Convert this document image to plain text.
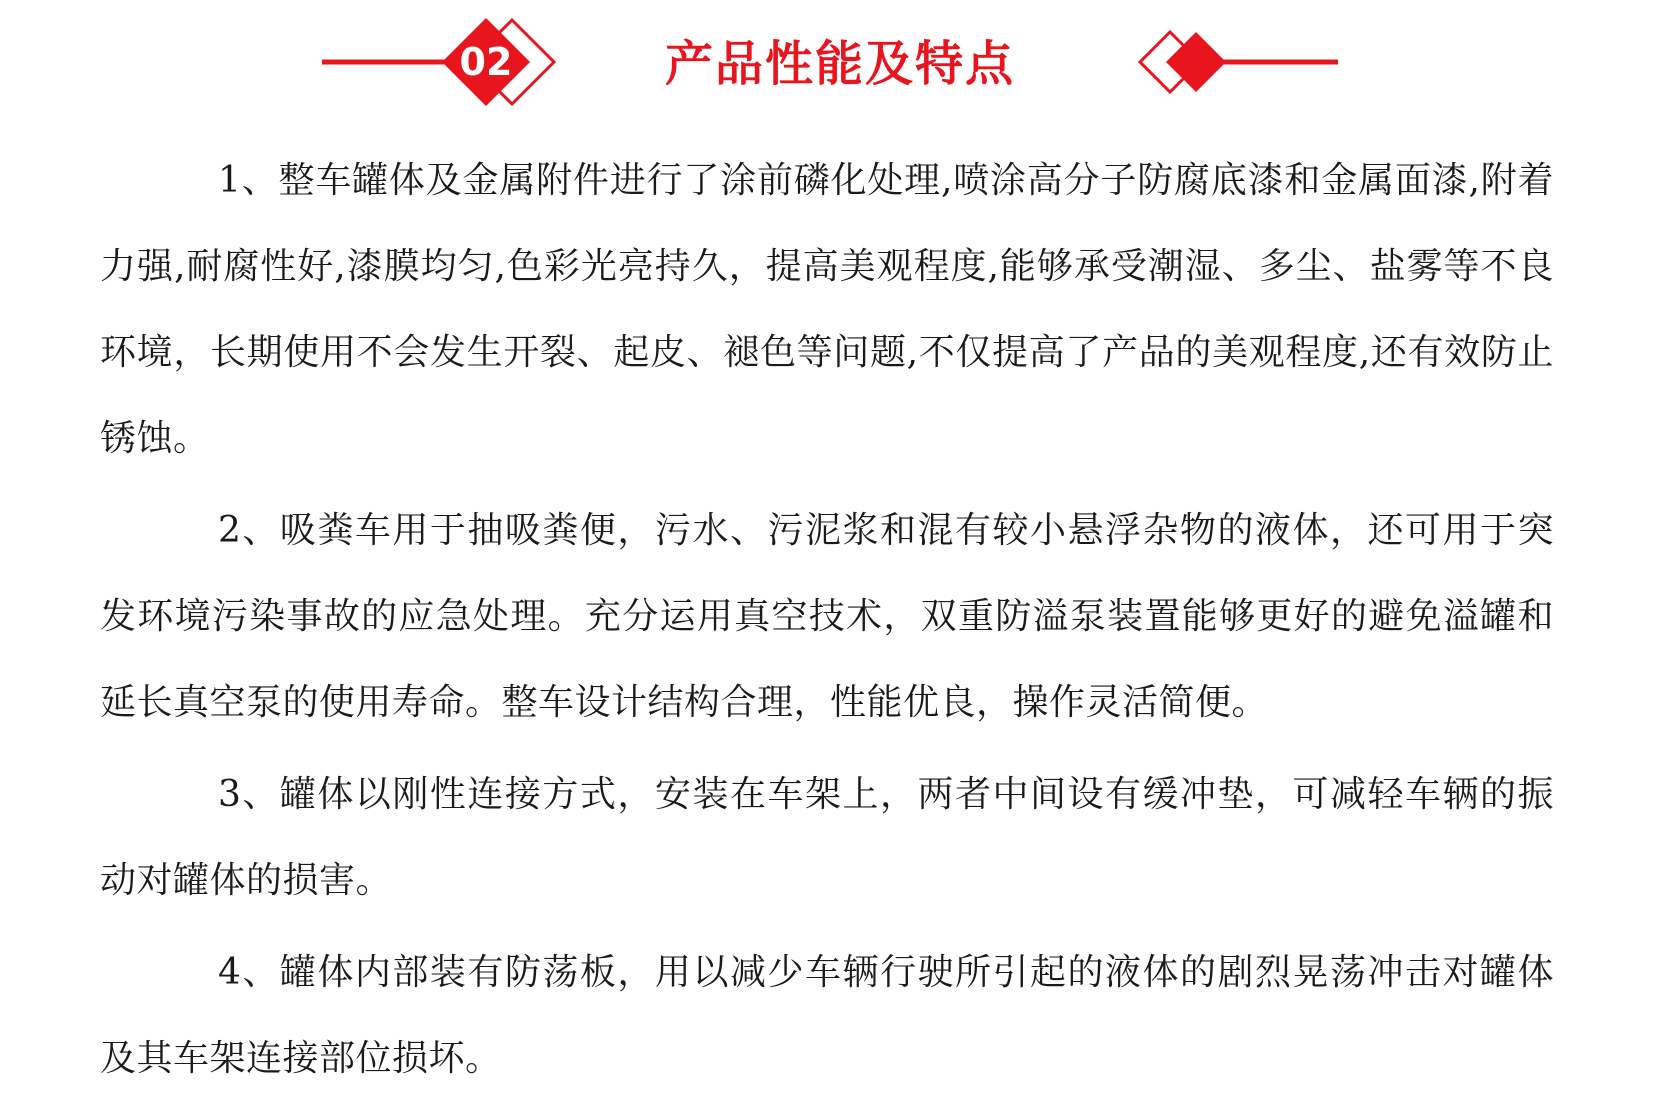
02	产品性能及特点

1、整车罐体及金属附件进行了涂前磷化处理,喷涂高分子防腐底漆和金属面漆,附着力强,耐腐性好,漆膜均匀,色彩光亮持久，提高美观程度,能够承受潮湿、多尘、盐雾等不良环境，长期使用不会发生开裂、起皮、褪色等问题,不仅提高了产品的美观程度,还有效防止锈蚀。

2、吸粪车用于抽吸粪便，污水、污泥浆和混有较小悬浮杂物的液体，还可用于突发环境污染事故的应急处理。充分运用真空技术，双重防溢泵装置能够更好的避免溢罐和延长真空泵的使用寿命。整车设计结构合理，性能优良，操作灵活简便。

3、罐体以刚性连接方式，安装在车架上，两者中间设有缓冲垫，可减轻车辆的振动对罐体的损害。

4、罐体内部装有防荡板，用以减少车辆行驶所引起的液体的剧烈晃荡冲击对罐体及其车架连接部位损坏。
